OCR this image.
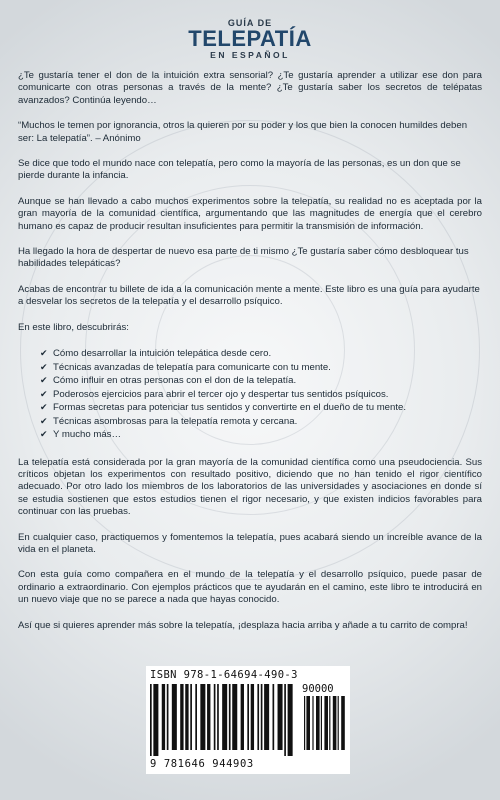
GUÍA DE
TELEPATÍA
EN ESPAÑOL

¿Te gustaría tener el don de la intuición extra sensorial? ¿Te gustaría aprender a utilizar ese don para comunicarte con otras personas a través de la mente? ¿Te gustaría saber los secretos de telépatas avanzados? Continúa leyendo…

“Muchos le temen por ignorancia, otros la quieren por su poder y los que bien la conocen humildes deben ser: La telepatía”. – Anónimo

Se dice que todo el mundo nace con telepatía, pero como la mayoría de las personas, es un don que se pierde durante la infancia.

Aunque se han llevado a cabo muchos experimentos sobre la telepatía, su realidad no es aceptada por la gran mayoría de la comunidad científica, argumentando que las magnitudes de energía que el cerebro humano es capaz de producir resultan insuficientes para permitir la transmisión de información.

Ha llegado la hora de despertar de nuevo esa parte de ti mismo ¿Te gustaría saber cómo desbloquear tus habilidades telepáticas?

Acabas de encontrar tu billete de ida a la comunicación mente a mente. Este libro es una guía para ayudarte a desvelar los secretos de la telepatía y el desarrollo psíquico.

En este libro, descubrirás:

✔ Cómo desarrollar la intuición telepática desde cero.
✔ Técnicas avanzadas de telepatía para comunicarte con tu mente.
✔ Cómo influir en otras personas con el don de la telepatía.
✔ Poderosos ejercicios para abrir el tercer ojo y despertar tus sentidos psíquicos.
✔ Formas secretas para potenciar tus sentidos y convertirte en el dueño de tu mente.
✔ Técnicas asombrosas para la telepatía remota y cercana.
✔ Y mucho más…

La telepatía está considerada por la gran mayoría de la comunidad científica como una pseudociencia. Sus críticos objetan los experimentos con resultado positivo, diciendo que no han tenido el rigor científico adecuado. Por otro lado los miembros de los laboratorios de las universidades y asociaciones en donde sí se estudia sostienen que estos estudios tienen el rigor necesario, y que existen indicios favorables para continuar con las pruebas.

En cualquier caso, practiquemos y fomentemos la telepatía, pues acabará siendo un increíble avance de la vida en el planeta.

Con esta guía como compañera en el mundo de la telepatía y el desarrollo psíquico, puede pasar de ordinario a extraordinario. Con ejemplos prácticos que te ayudarán en el camino, este libro te introducirá en un nuevo viaje que no se parece a nada que hayas conocido.

Así que si quieres aprender más sobre la telepatía, ¡desplaza hacia arriba y añade a tu carrito de compra!

ISBN 978-1-64694-490-3
90000
9 781646 944903
